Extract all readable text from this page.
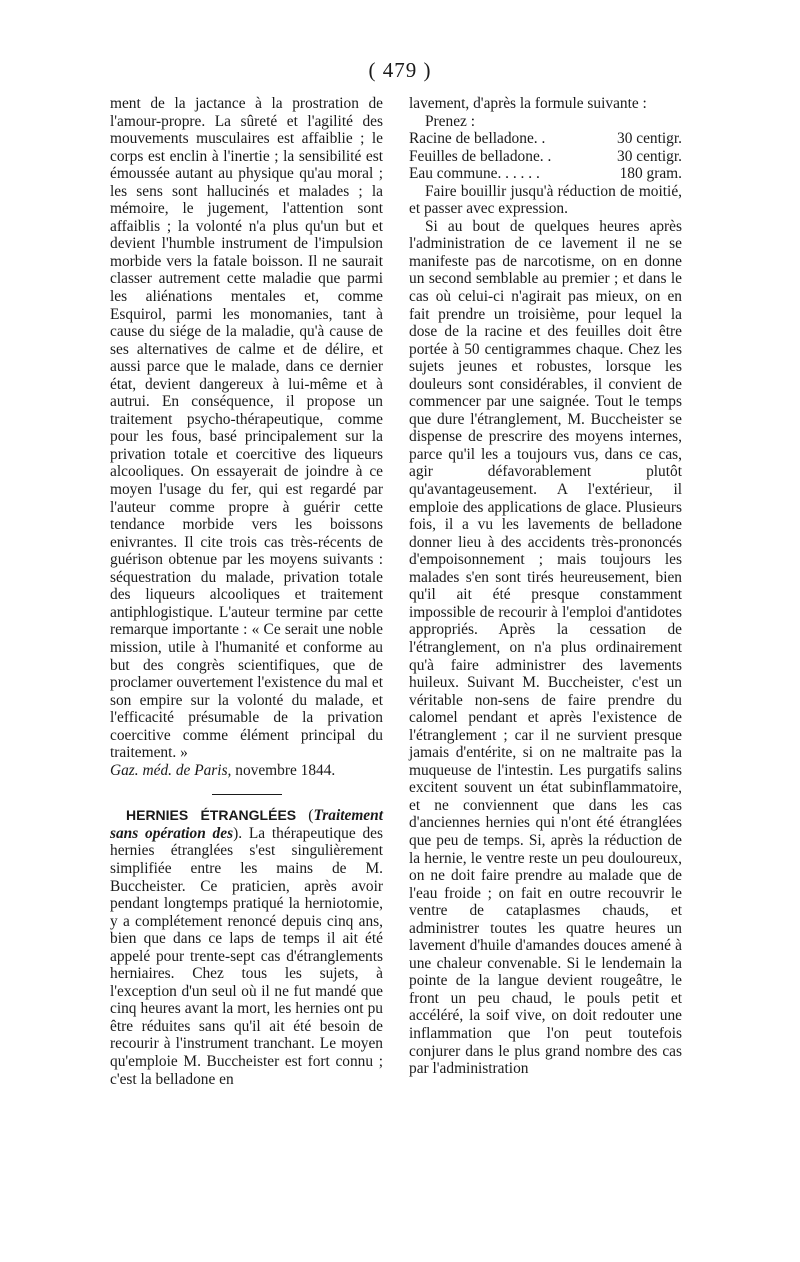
( 479 )

ment de la jactance à la prostration de l'amour-propre. La sûreté et l'agilité des mouvements musculaires est affaiblie ; le corps est enclin à l'inertie ; la sensibilité est émoussée autant au physique qu'au moral ; les sens sont hallucinés et malades ; la mémoire, le jugement, l'attention sont affaiblis ; la volonté n'a plus qu'un but et devient l'humble instrument de l'impulsion morbide vers la fatale boisson. Il ne saurait classer autrement cette maladie que parmi les aliénations mentales et, comme Esquirol, parmi les monomanies, tant à cause du siége de la maladie, qu'à cause de ses alternatives de calme et de délire, et aussi parce que le malade, dans ce dernier état, devient dangereux à lui-même et à autrui. En conséquence, il propose un traitement psycho-thérapeutique, comme pour les fous, basé principalement sur la privation totale et coercitive des liqueurs alcooliques. On essayerait de joindre à ce moyen l'usage du fer, qui est regardé par l'auteur comme propre à guérir cette tendance morbide vers les boissons enivrantes. Il cite trois cas très-récents de guérison obtenue par les moyens suivants : séquestration du malade, privation totale des liqueurs alcooliques et traitement antiphlogistique. L'auteur termine par cette remarque importante : « Ce serait une noble mission, utile à l'humanité et conforme au but des congrès scientifiques, que de proclamer ouvertement l'existence du mal et son empire sur la volonté du malade, et l'efficacité présumable de la privation coercitive comme élément principal du traitement. »

Gaz. méd. de Paris, novembre 1844.

HERNIES ÉTRANGLÉES (Traitement sans opération des). La thérapeutique des hernies étranglées s'est singulièrement simplifiée entre les mains de M. Buccheister. Ce praticien, après avoir pendant longtemps pratiqué la herniotomie, y a complétement renoncé depuis cinq ans, bien que dans ce laps de temps il ait été appelé pour trente-sept cas d'étranglements herniaires. Chez tous les sujets, à l'exception d'un seul où il ne fut mandé que cinq heures avant la mort, les hernies ont pu être réduites sans qu'il ait été besoin de recourir à l'instrument tranchant. Le moyen qu'emploie M. Buccheister est fort connu ; c'est la belladone en

lavement, d'après la formule suivante :

Prenez :

Racine de belladone. .	30 centigr.
Feuilles de belladone. .	30 centigr.
Eau commune. . . . . .	180 gram.

Faire bouillir jusqu'à réduction de moitié, et passer avec expression.

Si au bout de quelques heures après l'administration de ce lavement il ne se manifeste pas de narcotisme, on en donne un second semblable au premier ; et dans le cas où celui-ci n'agirait pas mieux, on en fait prendre un troisième, pour lequel la dose de la racine et des feuilles doit être portée à 50 centigrammes chaque. Chez les sujets jeunes et robustes, lorsque les douleurs sont considérables, il convient de commencer par une saignée. Tout le temps que dure l'étranglement, M. Buccheister se dispense de prescrire des moyens internes, parce qu'il les a toujours vus, dans ce cas, agir défavorablement plutôt qu'avantageusement. A l'extérieur, il emploie des applications de glace. Plusieurs fois, il a vu les lavements de belladone donner lieu à des accidents très-prononcés d'empoisonnement ; mais toujours les malades s'en sont tirés heureusement, bien qu'il ait été presque constamment impossible de recourir à l'emploi d'antidotes appropriés. Après la cessation de l'étranglement, on n'a plus ordinairement qu'à faire administrer des lavements huileux. Suivant M. Buccheister, c'est un véritable non-sens de faire prendre du calomel pendant et après l'existence de l'étranglement ; car il ne survient presque jamais d'entérite, si on ne maltraite pas la muqueuse de l'intestin. Les purgatifs salins excitent souvent un état subinflammatoire, et ne conviennent que dans les cas d'anciennes hernies qui n'ont été étranglées que peu de temps. Si, après la réduction de la hernie, le ventre reste un peu douloureux, on ne doit faire prendre au malade que de l'eau froide ; on fait en outre recouvrir le ventre de cataplasmes chauds, et administrer toutes les quatre heures un lavement d'huile d'amandes douces amené à une chaleur convenable. Si le lendemain la pointe de la langue devient rougeâtre, le front un peu chaud, le pouls petit et accéléré, la soif vive, on doit redouter une inflammation que l'on peut toutefois conjurer dans le plus grand nombre des cas par l'administration
